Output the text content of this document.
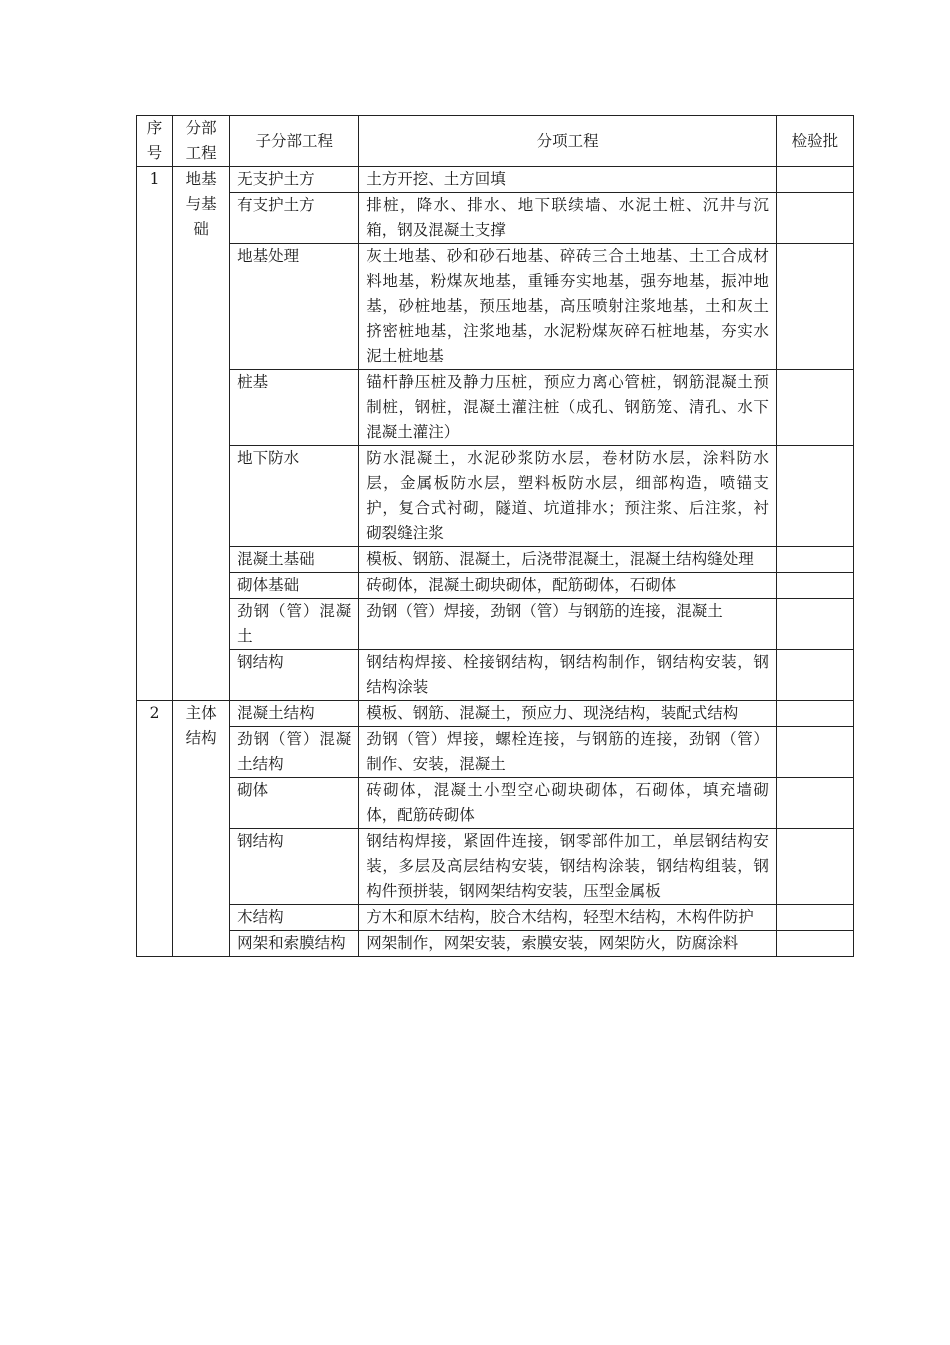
序号	分部工程	子分部工程	分项工程	检验批
1	地基与基础	无支护土方	土方开挖、土方回填	
		有支护土方	排桩，降水、排水、地下联续墙、水泥土桩、沉井与沉箱，钢及混凝土支撑	
		地基处理	灰土地基、砂和砂石地基、碎砖三合土地基、土工合成材料地基，粉煤灰地基，重锤夯实地基，强夯地基，振冲地基，砂桩地基，预压地基，高压喷射注浆地基，土和灰土挤密桩地基，注浆地基，水泥粉煤灰碎石桩地基，夯实水泥土桩地基	
		桩基	锚杆静压桩及静力压桩，预应力离心管桩，钢筋混凝土预制桩，钢桩，混凝土灌注桩（成孔、钢筋笼、清孔、水下混凝土灌注）	
		地下防水	防水混凝土，水泥砂浆防水层，卷材防水层，涂料防水层，金属板防水层，塑料板防水层，细部构造，喷锚支护，复合式衬砌，隧道、坑道排水；预注浆、后注浆，衬砌裂缝注浆	
		混凝土基础	模板、钢筋、混凝土，后浇带混凝土，混凝土结构缝处理	
		砌体基础	砖砌体，混凝土砌块砌体，配筋砌体，石砌体	
		劲钢（管）混凝土	劲钢（管）焊接，劲钢（管）与钢筋的连接，混凝土	
		钢结构	钢结构焊接、栓接钢结构，钢结构制作，钢结构安装，钢结构涂装	
2	主体结构	混凝土结构	模板、钢筋、混凝土，预应力、现浇结构，装配式结构	
		劲钢（管）混凝土结构	劲钢（管）焊接，螺栓连接，与钢筋的连接，劲钢（管）制作、安装，混凝土	
		砌体	砖砌体，混凝土小型空心砌块砌体，石砌体，填充墙砌体，配筋砖砌体	
		钢结构	钢结构焊接，紧固件连接，钢零部件加工，单层钢结构安装，多层及高层结构安装，钢结构涂装，钢结构组装，钢构件预拼装，钢网架结构安装，压型金属板	
		木结构	方木和原木结构，胶合木结构，轻型木结构，木构件防护	
		网架和索膜结构	网架制作，网架安装，索膜安装，网架防火，防腐涂料	
